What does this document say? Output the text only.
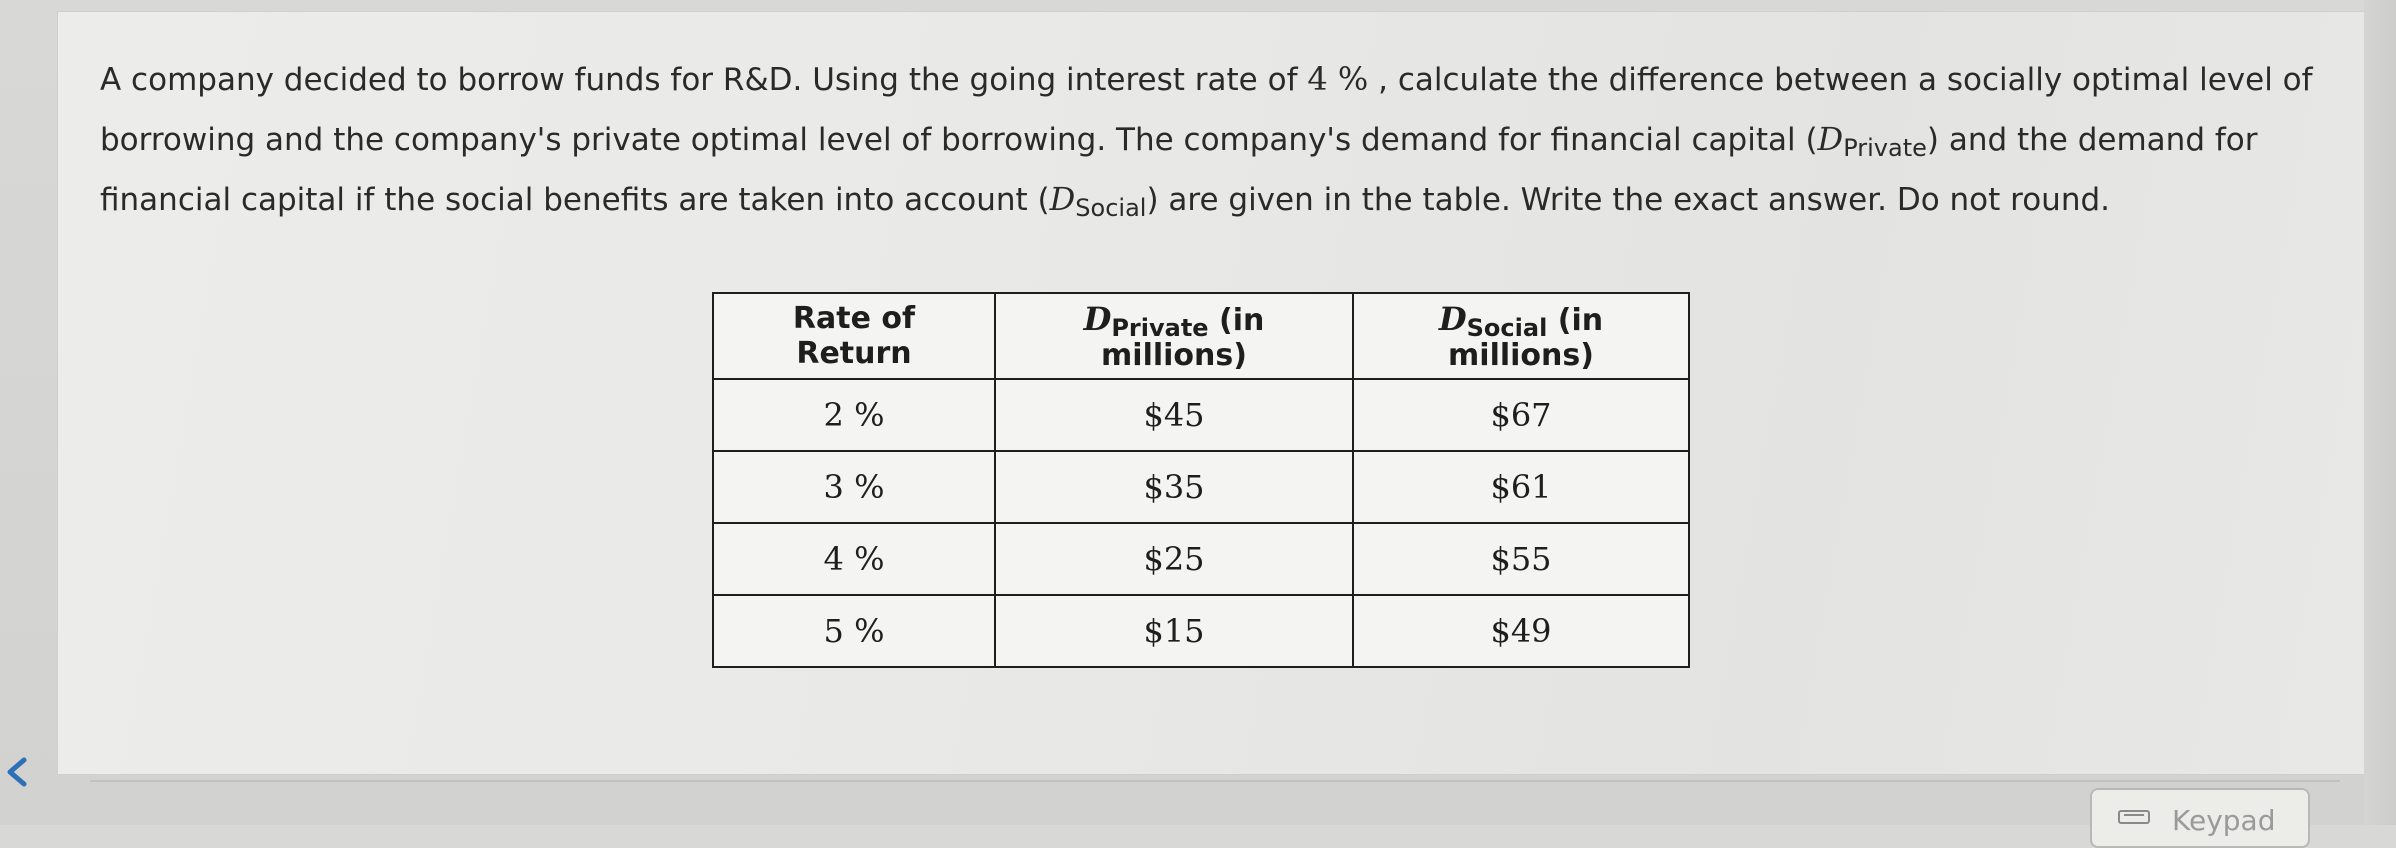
A company decided to borrow funds for R&D. Using the going interest rate of 4 % , calculate the difference between a socially optimal level of borrowing and the company's private optimal level of borrowing. The company's demand for financial capital $(D_{Private})$ and the demand for financial capital if the social benefits are taken into account $(D_{Social})$ are given in the table. Write the exact answer. Do not round.

Rate of Return	$D_{Private}$ (in millions)	$D_{Social}$ (in millions)
2 %	$45	$67
3 %	$35	$61
4 %	$25	$55
5 %	$15	$49
Keypad
